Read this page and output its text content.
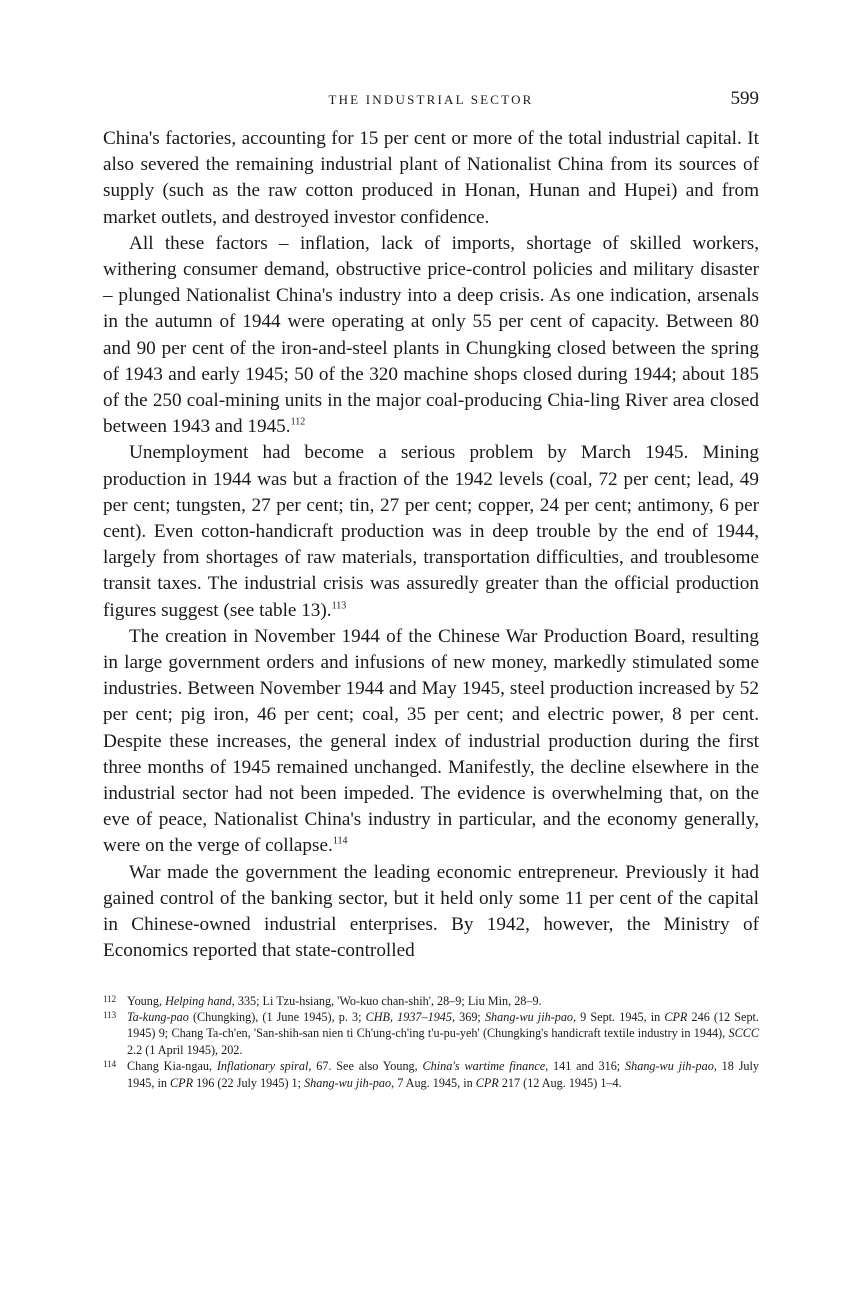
THE INDUSTRIAL SECTOR	599

China's factories, accounting for 15 per cent or more of the total industrial capital. It also severed the remaining industrial plant of Nationalist China from its sources of supply (such as the raw cotton produced in Honan, Hunan and Hupei) and from market outlets, and destroyed investor confidence.

All these factors – inflation, lack of imports, shortage of skilled workers, withering consumer demand, obstructive price-control policies and military disaster – plunged Nationalist China's industry into a deep crisis. As one indication, arsenals in the autumn of 1944 were operating at only 55 per cent of capacity. Between 80 and 90 per cent of the iron-and-steel plants in Chungking closed between the spring of 1943 and early 1945; 50 of the 320 machine shops closed during 1944; about 185 of the 250 coal-mining units in the major coal-producing Chia-ling River area closed between 1943 and 1945.$^{112}$

Unemployment had become a serious problem by March 1945. Mining production in 1944 was but a fraction of the 1942 levels (coal, 72 per cent; lead, 49 per cent; tungsten, 27 per cent; tin, 27 per cent; copper, 24 per cent; antimony, 6 per cent). Even cotton-handicraft production was in deep trouble by the end of 1944, largely from shortages of raw materials, transportation difficulties, and troublesome transit taxes. The industrial crisis was assuredly greater than the official production figures suggest (see table 13).$^{113}$

The creation in November 1944 of the Chinese War Production Board, resulting in large government orders and infusions of new money, markedly stimulated some industries. Between November 1944 and May 1945, steel production increased by 52 per cent; pig iron, 46 per cent; coal, 35 per cent; and electric power, 8 per cent. Despite these increases, the general index of industrial production during the first three months of 1945 remained unchanged. Manifestly, the decline elsewhere in the industrial sector had not been impeded. The evidence is overwhelming that, on the eve of peace, Nationalist China's industry in particular, and the economy generally, were on the verge of collapse.$^{114}$

War made the government the leading economic entrepreneur. Previously it had gained control of the banking sector, but it held only some 11 per cent of the capital in Chinese-owned industrial enterprises. By 1942, however, the Ministry of Economics reported that state-controlled

112 Young, Helping hand, 335; Li Tzu-hsiang, 'Wo-kuo chan-shih', 28–9; Liu Min, 28–9.

113 Ta-kung-pao (Chungking), (1 June 1945), p. 3; CHB, 1937–1945, 369; Shang-wu jih-pao, 9 Sept. 1945, in CPR 246 (12 Sept. 1945) 9; Chang Ta-ch'en, 'San-shih-san nien ti Ch'ung-ch'ing t'u-pu-yeh' (Chungking's handicraft textile industry in 1944), SCCC 2.2 (1 April 1945), 202.

114 Chang Kia-ngau, Inflationary spiral, 67. See also Young, China's wartime finance, 141 and 316; Shang-wu jih-pao, 18 July 1945, in CPR 196 (22 July 1945) 1; Shang-wu jih-pao, 7 Aug. 1945, in CPR 217 (12 Aug. 1945) 1–4.
